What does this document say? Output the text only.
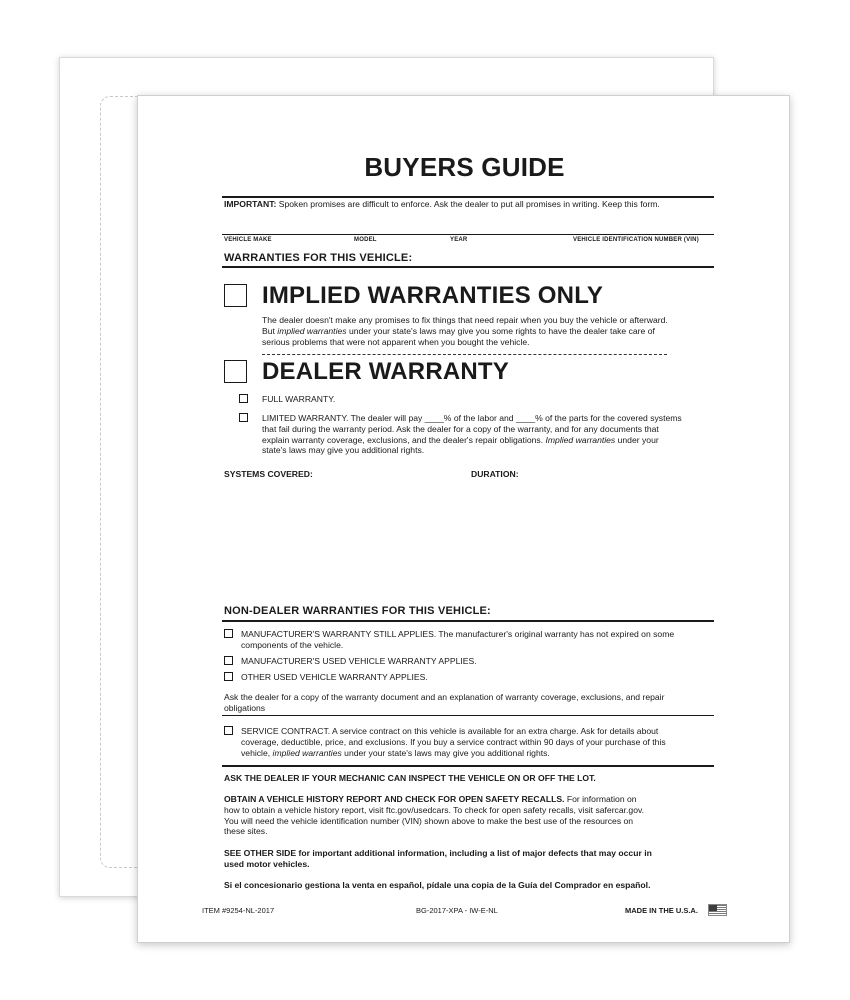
BUYERS GUIDE
IMPORTANT: Spoken promises are difficult to enforce. Ask the dealer to put all promises in writing. Keep this form.
VEHICLE MAKE	MODEL	YEAR	VEHICLE IDENTIFICATION NUMBER (VIN)
WARRANTIES FOR THIS VEHICLE:
IMPLIED WARRANTIES ONLY
The dealer doesn't make any promises to fix things that need repair when you buy the vehicle or afterward.
But implied warranties under your state's laws may give you some rights to have the dealer take care of
serious problems that were not apparent when you bought the vehicle.
DEALER WARRANTY
FULL WARRANTY.
LIMITED WARRANTY. The dealer will pay ____% of the labor and ____% of the parts for the covered systems
that fail during the warranty period. Ask the dealer for a copy of the warranty, and for any documents that
explain warranty coverage, exclusions, and the dealer's repair obligations. Implied warranties under your
state's laws may give you additional rights.
SYSTEMS COVERED:	DURATION:
NON-DEALER WARRANTIES FOR THIS VEHICLE:
MANUFACTURER'S WARRANTY STILL APPLIES. The manufacturer's original warranty has not expired on some
components of the vehicle.
MANUFACTURER'S USED VEHICLE WARRANTY APPLIES.
OTHER USED VEHICLE WARRANTY APPLIES.
Ask the dealer for a copy of the warranty document and an explanation of warranty coverage, exclusions, and repair
obligations
SERVICE CONTRACT. A service contract on this vehicle is available for an extra charge. Ask for details about
coverage, deductible, price, and exclusions. If you buy a service contract within 90 days of your purchase of this
vehicle, implied warranties under your state's laws may give you additional rights.
ASK THE DEALER IF YOUR MECHANIC CAN INSPECT THE VEHICLE ON OR OFF THE LOT.
OBTAIN A VEHICLE HISTORY REPORT AND CHECK FOR OPEN SAFETY RECALLS. For information on
how to obtain a vehicle history report, visit ftc.gov/usedcars. To check for open safety recalls, visit safercar.gov.
You will need the vehicle identification number (VIN) shown above to make the best use of the resources on
these sites.
SEE OTHER SIDE for important additional information, including a list of major defects that may occur in
used motor vehicles.
Si el concesionario gestiona la venta en español, pídale una copia de la Guía del Comprador en español.
ITEM #9254-NL-2017	BG-2017-XPA - IW-E-NL	MADE IN THE U.S.A.
